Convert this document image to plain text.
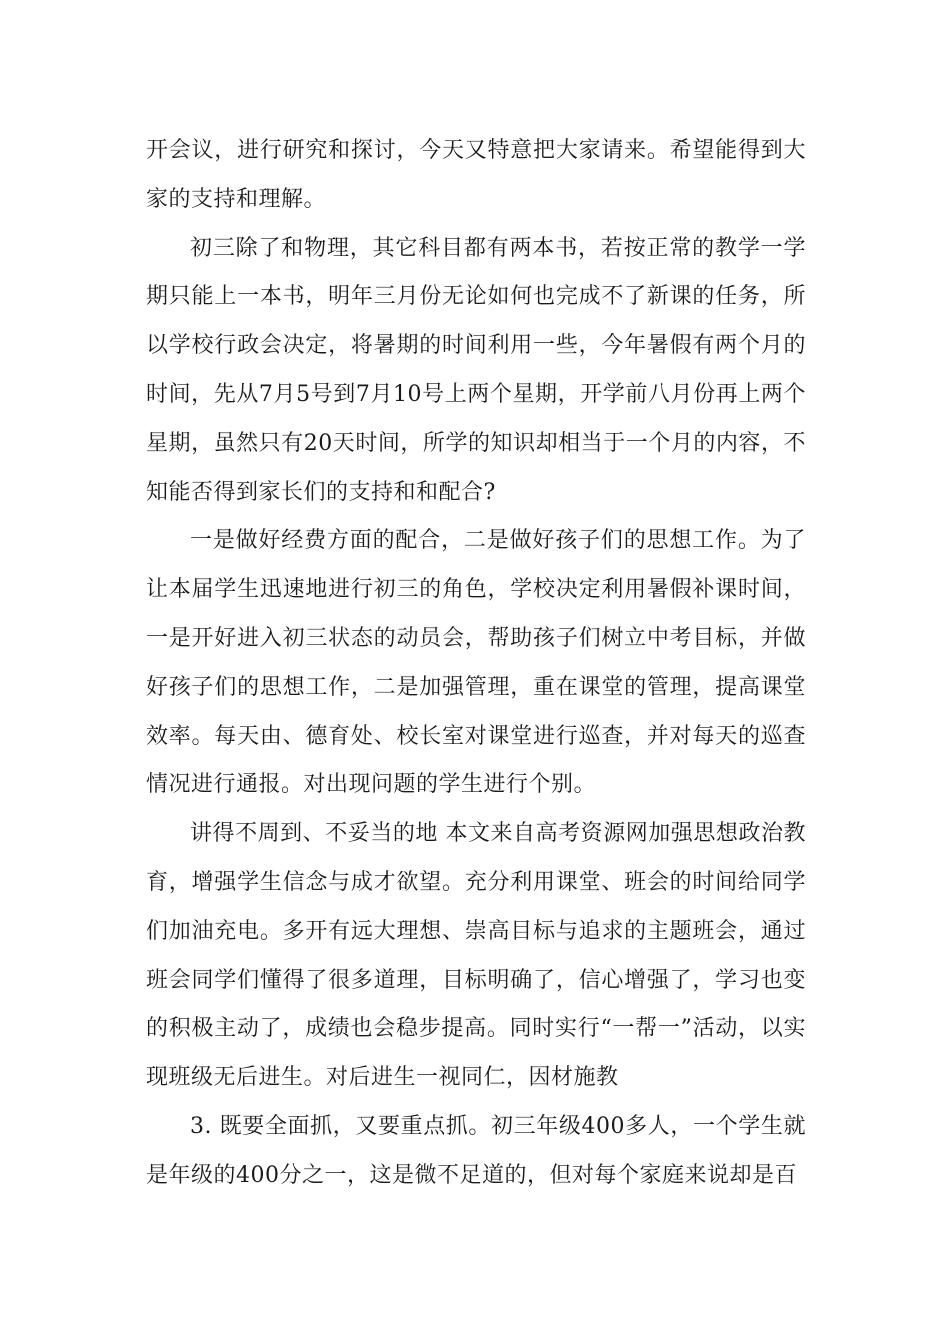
开会议，进行研究和探讨，今天又特意把大家请来。希望能得到大家的支持和理解。

初三除了和物理，其它科目都有两本书，若按正常的教学一学期只能上一本书，明年三月份无论如何也完成不了新课的任务，所以学校行政会决定，将暑期的时间利用一些，今年暑假有两个月的时间，先从7月5号到7月10号上两个星期，开学前八月份再上两个星期，虽然只有20天时间，所学的知识却相当于一个月的内容，不知能否得到家长们的支持和和配合?

一是做好经费方面的配合，二是做好孩子们的思想工作。为了让本届学生迅速地进行初三的角色，学校决定利用暑假补课时间，一是开好进入初三状态的动员会，帮助孩子们树立中考目标，并做好孩子们的思想工作，二是加强管理，重在课堂的管理，提高课堂效率。每天由、德育处、校长室对课堂进行巡查，并对每天的巡查情况进行通报。对出现问题的学生进行个别。

讲得不周到、不妥当的地 本文来自高考资源网加强思想政治教育，增强学生信念与成才欲望。充分利用课堂、班会的时间给同学们加油充电。多开有远大理想、崇高目标与追求的主题班会，通过班会同学们懂得了很多道理，目标明确了，信心增强了，学习也变的积极主动了，成绩也会稳步提高。同时实行“一帮一”活动，以实现班级无后进生。对后进生一视同仁，因材施教

3. 既要全面抓，又要重点抓。初三年级400多人，一个学生就是年级的400分之一，这是微不足道的，但对每个家庭来说却是百
